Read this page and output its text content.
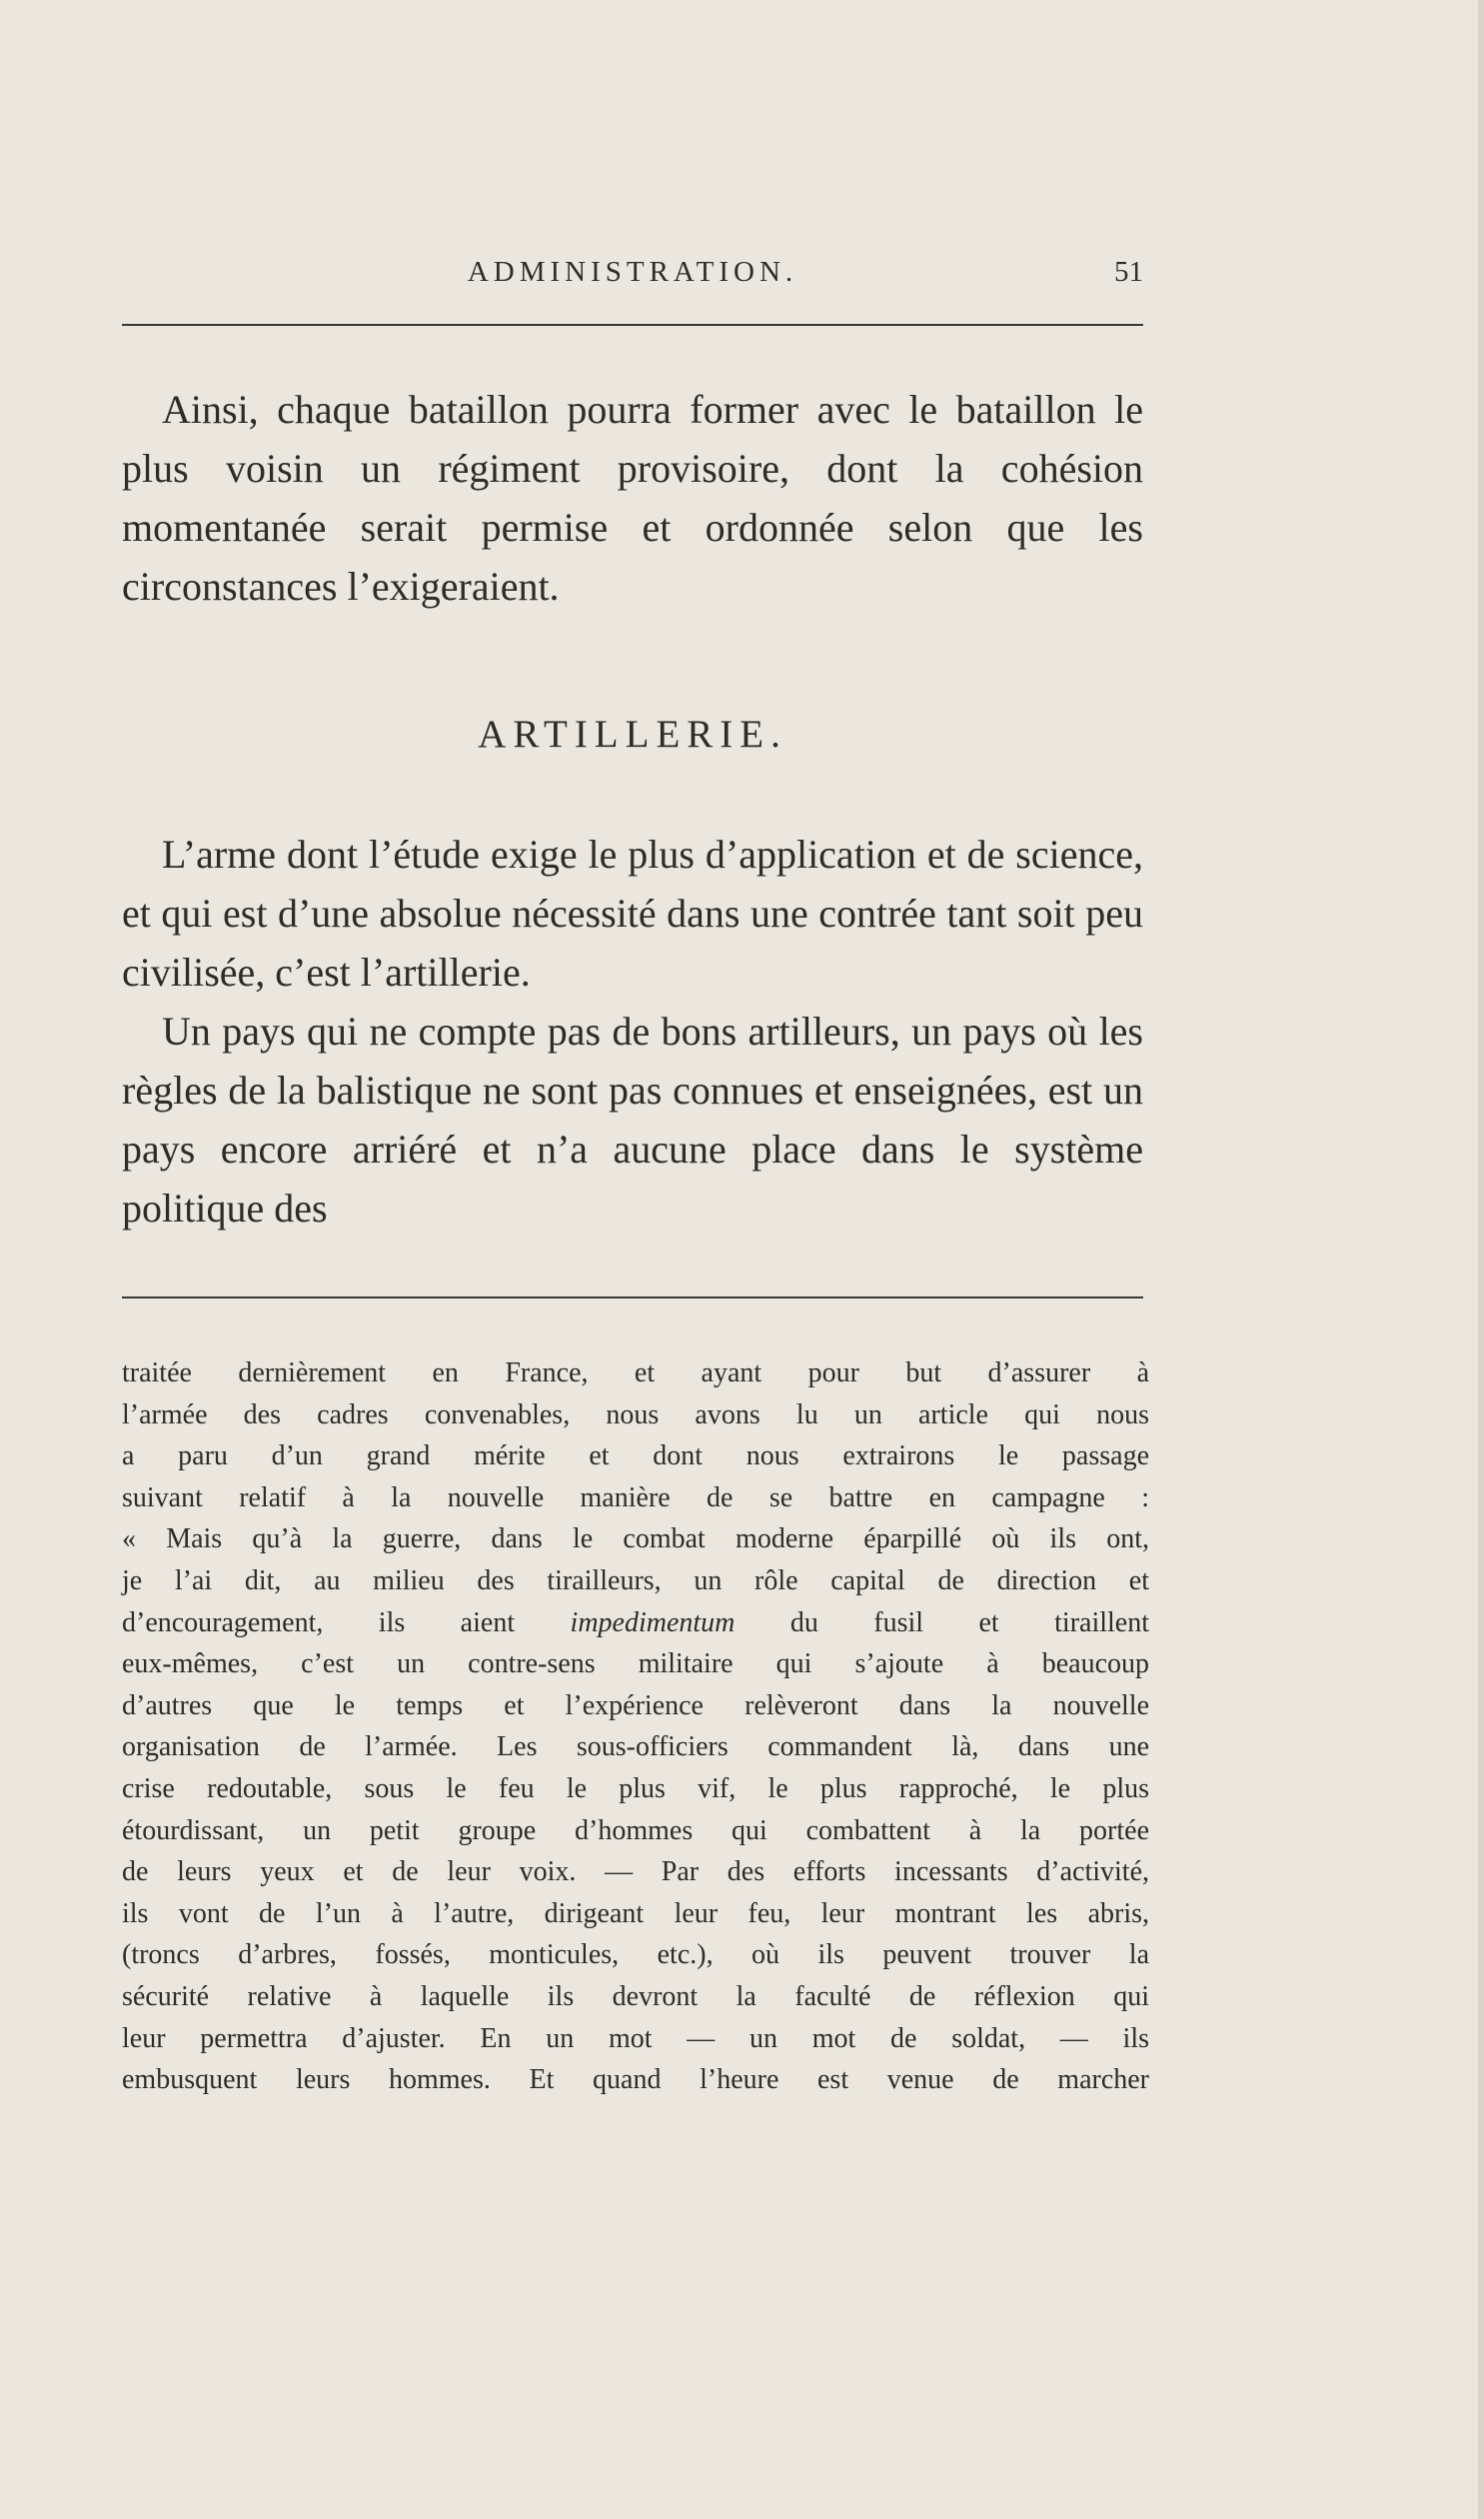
ADMINISTRATION.	51

Ainsi, chaque bataillon pourra former avec le bataillon le plus voisin un régiment provisoire, dont la cohésion momentanée serait permise et ordonnée selon que les circonstances l’exigeraient.

ARTILLERIE.

L’arme dont l’étude exige le plus d’application et de science, et qui est d’une absolue nécessité dans une contrée tant soit peu civilisée, c’est l’artillerie.

Un pays qui ne compte pas de bons artilleurs, un pays où les règles de la balistique ne sont pas connues et enseignées, est un pays encore arriéré et n’a aucune place dans le système politique des

traitée dernièrement en France, et ayant pour but d’assurer à
l’armée des cadres convenables, nous avons lu un article qui nous
a paru d’un grand mérite et dont nous extrairons le passage
suivant relatif à la nouvelle manière de se battre en campagne :
« Mais qu’à la guerre, dans le combat moderne éparpillé où ils ont,
je l’ai dit, au milieu des tirailleurs, un rôle capital de direction et
d’encouragement, ils aient impedimentum du fusil et tiraillent
eux-mêmes, c’est un contre-sens militaire qui s’ajoute à beaucoup
d’autres que le temps et l’expérience relèveront dans la nouvelle
organisation de l’armée. Les sous-officiers commandent là, dans une
crise redoutable, sous le feu le plus vif, le plus rapproché, le plus
étourdissant, un petit groupe d’hommes qui combattent à la portée
de leurs yeux et de leur voix. — Par des efforts incessants d’activité,
ils vont de l’un à l’autre, dirigeant leur feu, leur montrant les abris,
(troncs d’arbres, fossés, monticules, etc.), où ils peuvent trouver la
sécurité relative à laquelle ils devront la faculté de réflexion qui
leur permettra d’ajuster. En un mot — un mot de soldat, — ils
embusquent leurs hommes. Et quand l’heure est venue de marcher
